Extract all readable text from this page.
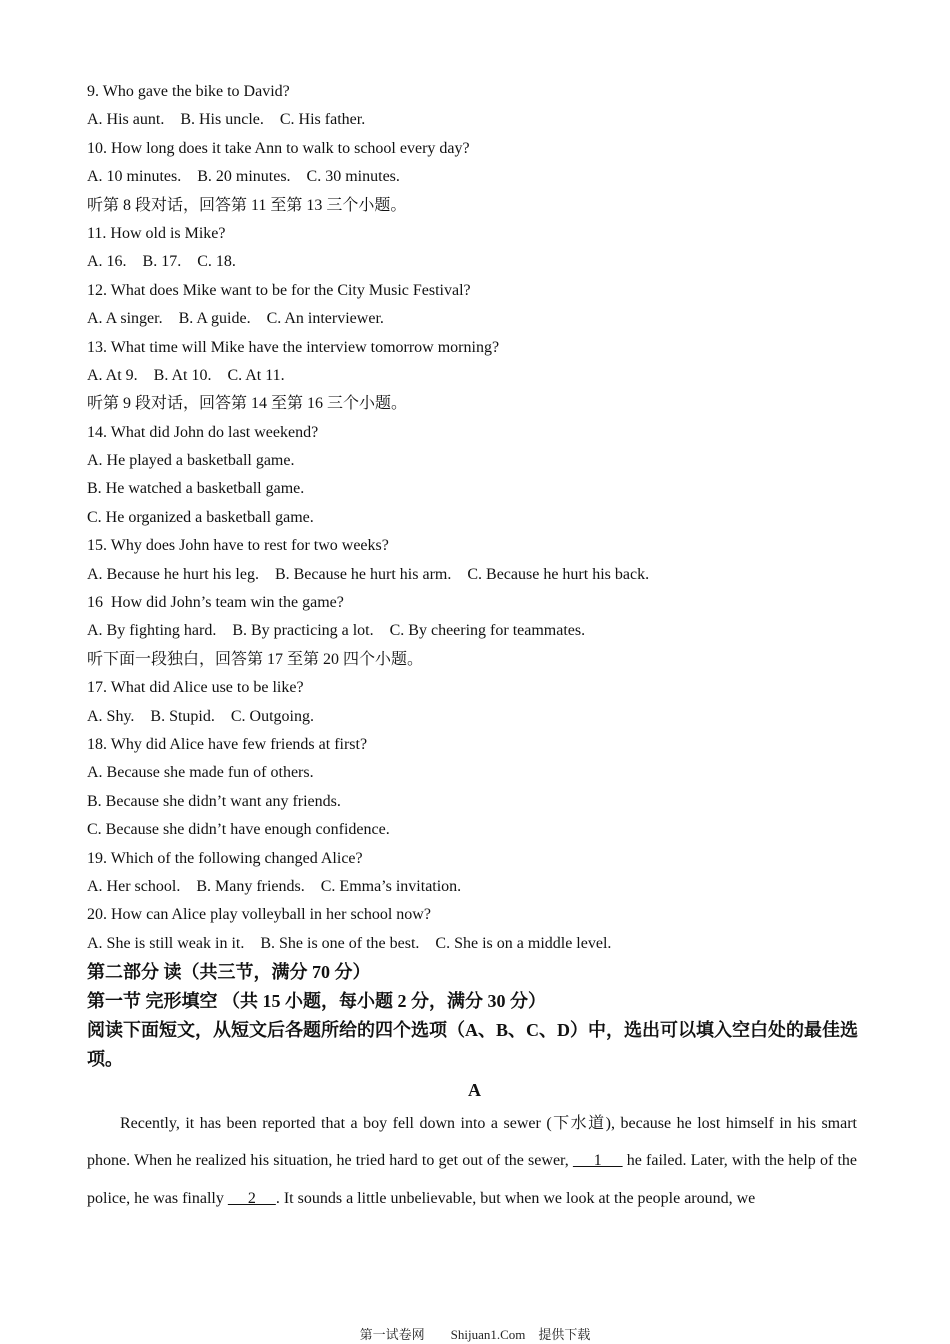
9. Who gave the bike to David?
A. His aunt.    B. His uncle.    C. His father.
10. How long does it take Ann to walk to school every day?
A. 10 minutes.    B. 20 minutes.    C. 30 minutes.
听第 8 段对话，回答第 11 至第 13 三个小题。
11. How old is Mike?
A. 16.    B. 17.    C. 18.
12. What does Mike want to be for the City Music Festival?
A. A singer.    B. A guide.    C. An interviewer.
13. What time will Mike have the interview tomorrow morning?
A. At 9.    B. At 10.    C. At 11.
听第 9 段对话，回答第 14 至第 16 三个小题。
14. What did John do last weekend?
A. He played a basketball game.
B. He watched a basketball game.
C. He organized a basketball game.
15. Why does John have to rest for two weeks?
A. Because he hurt his leg.    B. Because he hurt his arm.    C. Because he hurt his back.
16  How did John’s team win the game?
A. By fighting hard.    B. By practicing a lot.    C. By cheering for teammates.
听下面一段独白，回答第 17 至第 20 四个小题。
17. What did Alice use to be like?
A. Shy.    B. Stupid.    C. Outgoing.
18. Why did Alice have few friends at first?
A. Because she made fun of others.
B. Because she didn’t want any friends.
C. Because she didn’t have enough confidence.
19. Which of the following changed Alice?
A. Her school.    B. Many friends.    C. Emma’s invitation.
20. How can Alice play volleyball in her school now?
A. She is still weak in it.    B. She is one of the best.    C. She is on a middle level.
第二部分 读（共三节，满分 70 分）
第一节 完形填空 （共 15 小题，每小题 2 分，满分 30 分）
阅读下面短文，从短文后各题所给的四个选项（A、B、C、D）中，选出可以填入空白处的最佳选项。
A
Recently, it has been reported that a boy fell down into a sewer (下水道), because he lost himself in his smart phone. When he realized his situation, he tried hard to get out of the sewer,      1      he failed. Later, with the help of the police, he was finally      2     . It sounds a little unbelievable, but when we look at the people around, we
第一试卷网        Shijuan1.Com    提供下载
